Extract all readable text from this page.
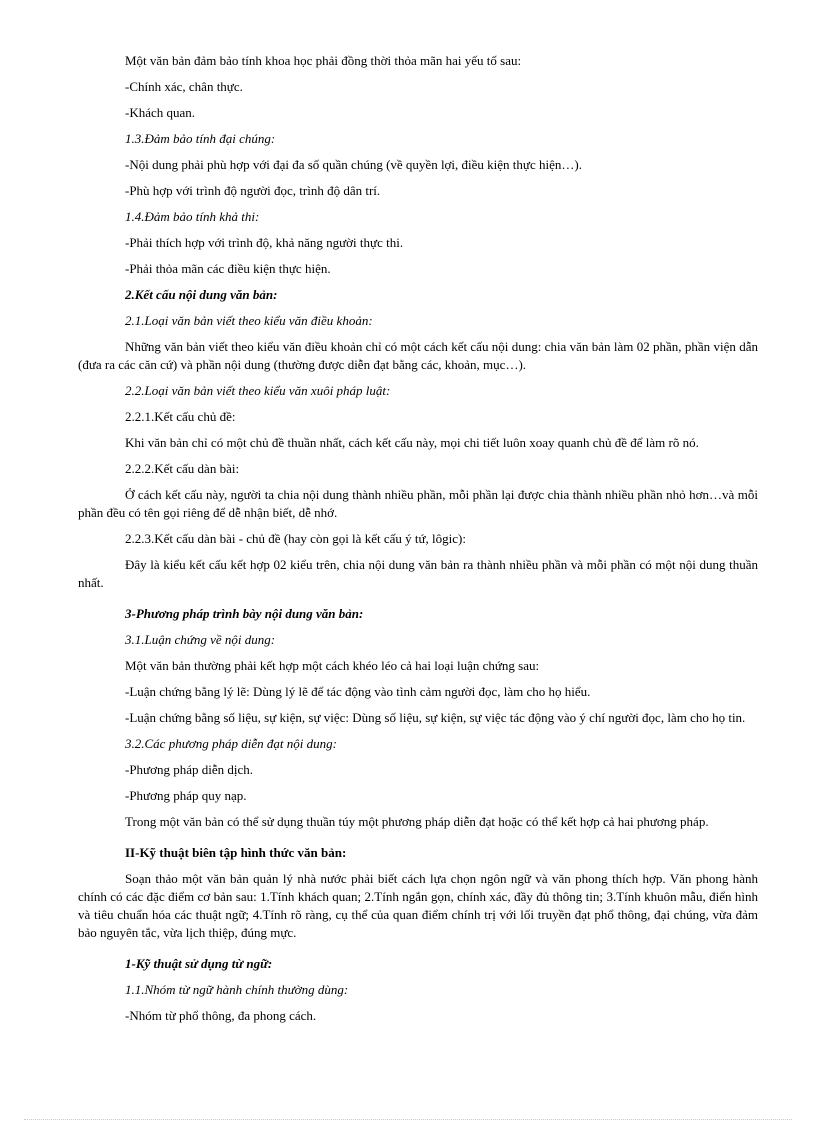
Một văn bản đảm bảo tính khoa học phải đồng thời thỏa mãn hai yếu tố sau:

-Chính xác, chân thực.

-Khách quan.

1.3.Đảm bảo tính đại chúng:

-Nội dung phải phù hợp với đại đa số quần chúng (về quyền lợi, điều kiện thực hiện…).

-Phù hợp với trình độ người đọc, trình độ dân trí.

1.4.Đảm bảo tính khả thi:

-Phải thích hợp với trình độ, khả năng người thực thi.

-Phải thỏa mãn các điều kiện thực hiện.

2.Kết cấu nội dung văn bản:

2.1.Loại văn bản viết theo kiểu văn điều khoản:

Những văn bản viết theo kiểu văn điều khoản chỉ có một cách kết cấu nội dung: chia văn bản làm 02 phần, phần viện dẫn (đưa ra các căn cứ) và phần nội dung (thường được diễn đạt bằng các, khoản, mục…).

2.2.Loại văn bản viết theo kiểu văn xuôi pháp luật:

2.2.1.Kết cấu chủ đề:

Khi văn bản chỉ có một chủ đề thuần nhất, cách kết cấu này, mọi chi tiết luôn xoay quanh chủ đề để làm rõ nó.

2.2.2.Kết cấu dàn bài:

Ở cách kết cấu này, người ta chia nội dung thành nhiều phần, mỗi phần lại được chia thành nhiều phần nhỏ hơn…và mỗi phần đều có tên gọi riêng để dễ nhận biết, dễ nhớ.

2.2.3.Kết cấu dàn bài - chủ đề (hay còn gọi là kết cấu ý tứ, lôgic):

Đây là kiểu kết cấu kết hợp 02 kiểu trên, chia nội dung văn bản ra thành nhiều phần và mỗi phần có một nội dung thuần nhất.

3-Phương pháp trình bày nội dung văn bản:

3.1.Luận chứng về nội dung:

Một văn bản thường phải kết hợp một cách khéo léo cả hai loại luận chứng sau:

-Luận chứng bằng lý lẽ: Dùng lý lẽ để tác động vào tình cảm người đọc, làm cho họ hiểu.

-Luận chứng bằng số liệu, sự kiện, sự việc: Dùng số liệu, sự kiện, sự việc tác động vào ý chí người đọc, làm cho họ tin.

3.2.Các phương pháp diễn đạt nội dung:

-Phương pháp diễn dịch.

-Phương pháp quy nạp.

Trong một văn bản có thể sử dụng thuần túy một phương pháp diễn đạt hoặc có thể kết hợp cả hai phương pháp.

II-Kỹ thuật biên tập hình thức văn bản:

Soạn thảo một văn bản quản lý nhà nước phải biết cách lựa chọn ngôn ngữ và văn phong thích hợp. Văn phong hành chính có các đặc điểm cơ bản sau: 1.Tính khách quan; 2.Tính ngắn gọn, chính xác, đầy đủ thông tin; 3.Tính khuôn mẫu, điển hình và tiêu chuẩn hóa các thuật ngữ; 4.Tính rõ ràng, cụ thể của quan điểm chính trị với lối truyền đạt phổ thông, đại chúng, vừa đảm bảo nguyên tắc, vừa lịch thiệp, đúng mực.

1-Kỹ thuật sử dụng từ ngữ:

1.1.Nhóm từ ngữ hành chính thường dùng:

-Nhóm từ phổ thông, đa phong cách.
